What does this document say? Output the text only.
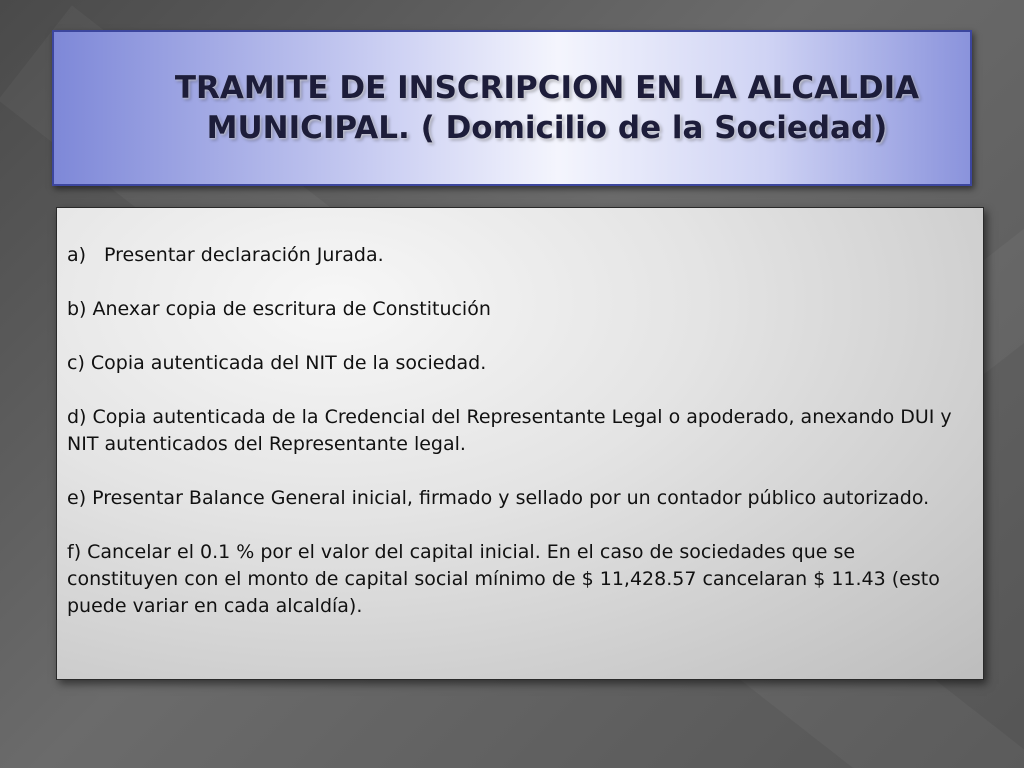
TRAMITE DE INSCRIPCION EN LA ALCALDIA
MUNICIPAL. ( Domicilio de la Sociedad)
a) Presentar declaración Jurada.
b) Anexar copia de escritura de Constitución
c) Copia autenticada del NIT de la sociedad.
d) Copia autenticada de la Credencial del Representante Legal o apoderado, anexando DUI y NIT autenticados del Representante legal.
e) Presentar Balance General inicial, firmado y sellado por un contador público autorizado.
f) Cancelar el 0.1 % por el valor del capital inicial. En el caso de sociedades que se constituyen con el monto de capital social mínimo de $ 11,428.57 cancelaran $ 11.43 (esto puede variar en cada alcaldía).
